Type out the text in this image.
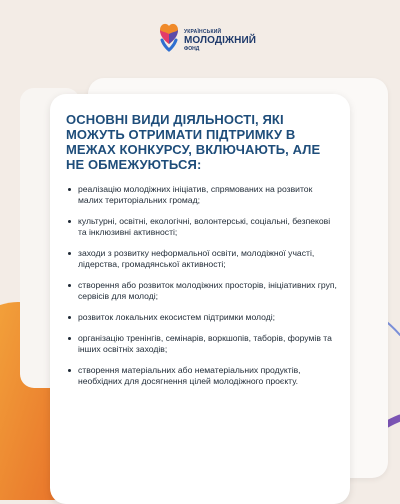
УКРАЇНСЬКИЙ
МОЛОДІЖНИЙ
ФОНД
ОСНОВНІ ВИДИ ДІЯЛЬНОСТІ, ЯКІ МОЖУТЬ ОТРИМАТИ ПІДТРИМКУ В МЕЖАХ КОНКУРСУ, ВКЛЮЧАЮТЬ, АЛЕ НЕ ОБМЕЖУЮТЬСЯ:
реалізацію молодіжних ініціатив, спрямованих на розвиток малих територіальних громад;
культурні, освітні, екологічні, волонтерські, соціальні, безпекові та інклюзивні активності;
заходи з розвитку неформальної освіти, молодіжної участі, лідерства, громадянської активності;
створення або розвиток молодіжних просторів, ініціативних груп, сервісів для молоді;
розвиток локальних екосистем підтримки молоді;
організацію тренінгів, семінарів, воркшопів, таборів, форумів та інших освітніх заходів;
створення матеріальних або нематеріальних продуктів, необхідних для досягнення цілей молодіжного проєкту.
